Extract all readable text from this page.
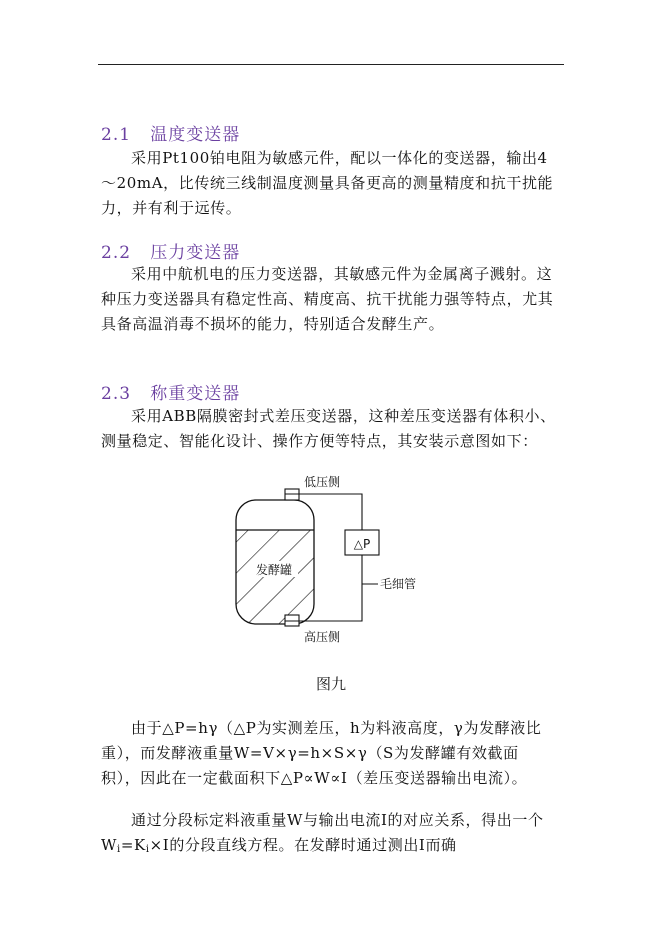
2.1 温度变送器
采用Pt100铂电阻为敏感元件，配以一体化的变送器，输出4～20mA，比传统三线制温度测量具备更高的测量精度和抗干扰能力，并有利于远传。
2.2 压力变送器
采用中航机电的压力变送器，其敏感元件为金属离子溅射。这种压力变送器具有稳定性高、精度高、抗干扰能力强等特点，尤其具备高温消毒不损坏的能力，特别适合发酵生产。
2.3 称重变送器
采用ABB隔膜密封式差压变送器，这种差压变送器有体积小、测量稳定、智能化设计、操作方便等特点，其安装示意图如下：
发酵罐
△P
低压侧
高压侧
毛细管
图九
由于△P=hγ（△P为实测差压，h为料液高度，γ为发酵液比重），而发酵液重量W=V×γ=h×S×γ（S为发酵罐有效截面积），因此在一定截面积下△P∝W∝I（差压变送器输出电流）。
通过分段标定料液重量W与输出电流I的对应关系，得出一个$W_i=K_i\times I$的分段直线方程。在发酵时通过测出I而确
